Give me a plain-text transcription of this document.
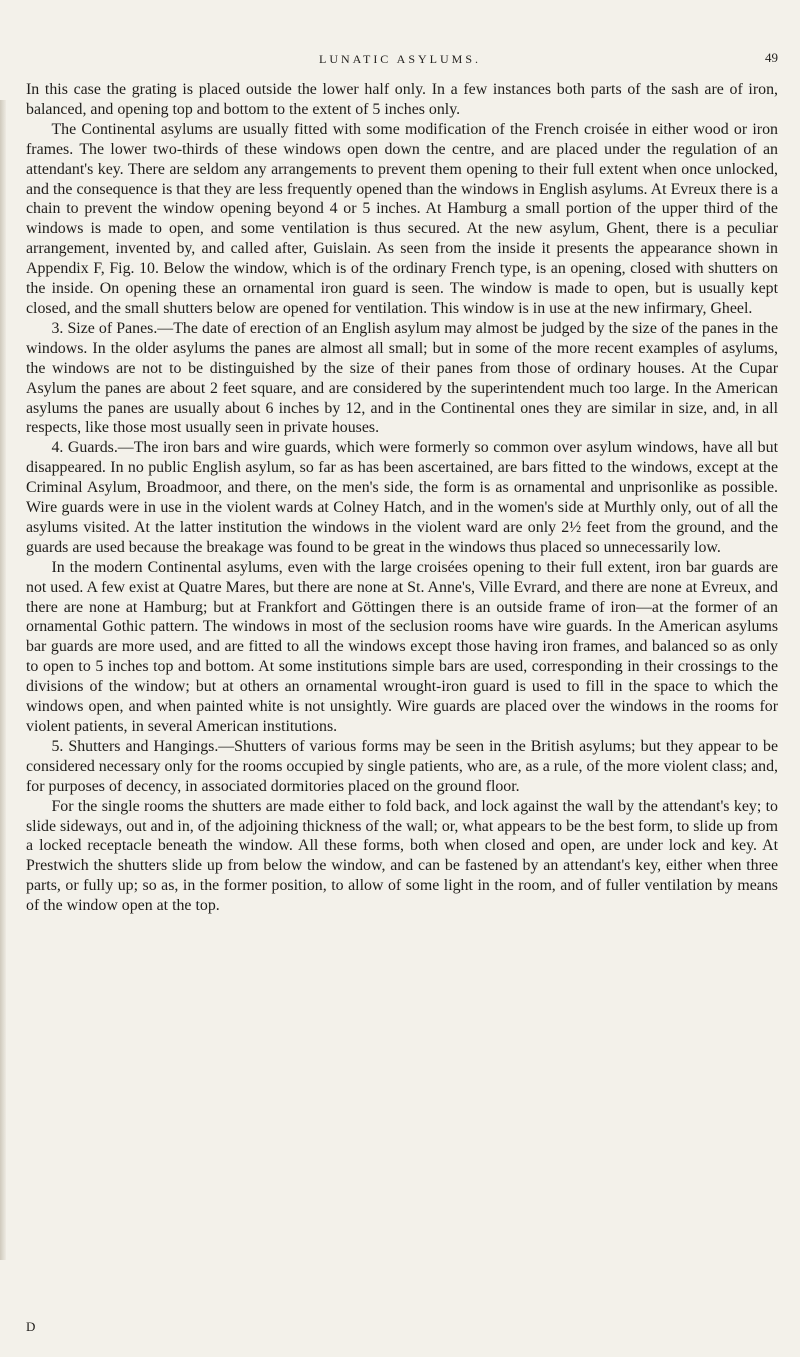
LUNATIC ASYLUMS.	49

In this case the grating is placed outside the lower half only. In a few instances both parts of the sash are of iron, balanced, and opening top and bottom to the extent of 5 inches only.

The Continental asylums are usually fitted with some modification of the French croisée in either wood or iron frames. The lower two-thirds of these windows open down the centre, and are placed under the regulation of an attendant's key. There are seldom any arrangements to prevent them opening to their full extent when once unlocked, and the consequence is that they are less frequently opened than the windows in English asylums. At Evreux there is a chain to prevent the window opening beyond 4 or 5 inches. At Hamburg a small portion of the upper third of the windows is made to open, and some ventilation is thus secured. At the new asylum, Ghent, there is a peculiar arrangement, invented by, and called after, Guislain. As seen from the inside it presents the appearance shown in Appendix F, Fig. 10. Below the window, which is of the ordinary French type, is an opening, closed with shutters on the inside. On opening these an ornamental iron guard is seen. The window is made to open, but is usually kept closed, and the small shutters below are opened for ventilation. This window is in use at the new infirmary, Gheel.

3. Size of Panes.—The date of erection of an English asylum may almost be judged by the size of the panes in the windows. In the older asylums the panes are almost all small; but in some of the more recent examples of asylums, the windows are not to be distinguished by the size of their panes from those of ordinary houses. At the Cupar Asylum the panes are about 2 feet square, and are considered by the superintendent much too large. In the American asylums the panes are usually about 6 inches by 12, and in the Continental ones they are similar in size, and, in all respects, like those most usually seen in private houses.

4. Guards.—The iron bars and wire guards, which were formerly so common over asylum windows, have all but disappeared. In no public English asylum, so far as has been ascertained, are bars fitted to the windows, except at the Criminal Asylum, Broadmoor, and there, on the men's side, the form is as ornamental and unprisonlike as possible. Wire guards were in use in the violent wards at Colney Hatch, and in the women's side at Murthly only, out of all the asylums visited. At the latter institution the windows in the violent ward are only 2½ feet from the ground, and the guards are used because the breakage was found to be great in the windows thus placed so unnecessarily low.

In the modern Continental asylums, even with the large croisées opening to their full extent, iron bar guards are not used. A few exist at Quatre Mares, but there are none at St. Anne's, Ville Evrard, and there are none at Evreux, and there are none at Hamburg; but at Frankfort and Göttingen there is an outside frame of iron—at the former of an ornamental Gothic pattern. The windows in most of the seclusion rooms have wire guards. In the American asylums bar guards are more used, and are fitted to all the windows except those having iron frames, and balanced so as only to open to 5 inches top and bottom. At some institutions simple bars are used, corresponding in their crossings to the divisions of the window; but at others an ornamental wrought-iron guard is used to fill in the space to which the windows open, and when painted white is not unsightly. Wire guards are placed over the windows in the rooms for violent patients, in several American institutions.

5. Shutters and Hangings.—Shutters of various forms may be seen in the British asylums; but they appear to be considered necessary only for the rooms occupied by single patients, who are, as a rule, of the more violent class; and, for purposes of decency, in associated dormitories placed on the ground floor.

For the single rooms the shutters are made either to fold back, and lock against the wall by the attendant's key; to slide sideways, out and in, of the adjoining thickness of the wall; or, what appears to be the best form, to slide up from a locked receptacle beneath the window. All these forms, both when closed and open, are under lock and key. At Prestwich the shutters slide up from below the window, and can be fastened by an attendant's key, either when three parts, or fully up; so as, in the former position, to allow of some light in the room, and of fuller ventilation by means of the window open at the top.

D
